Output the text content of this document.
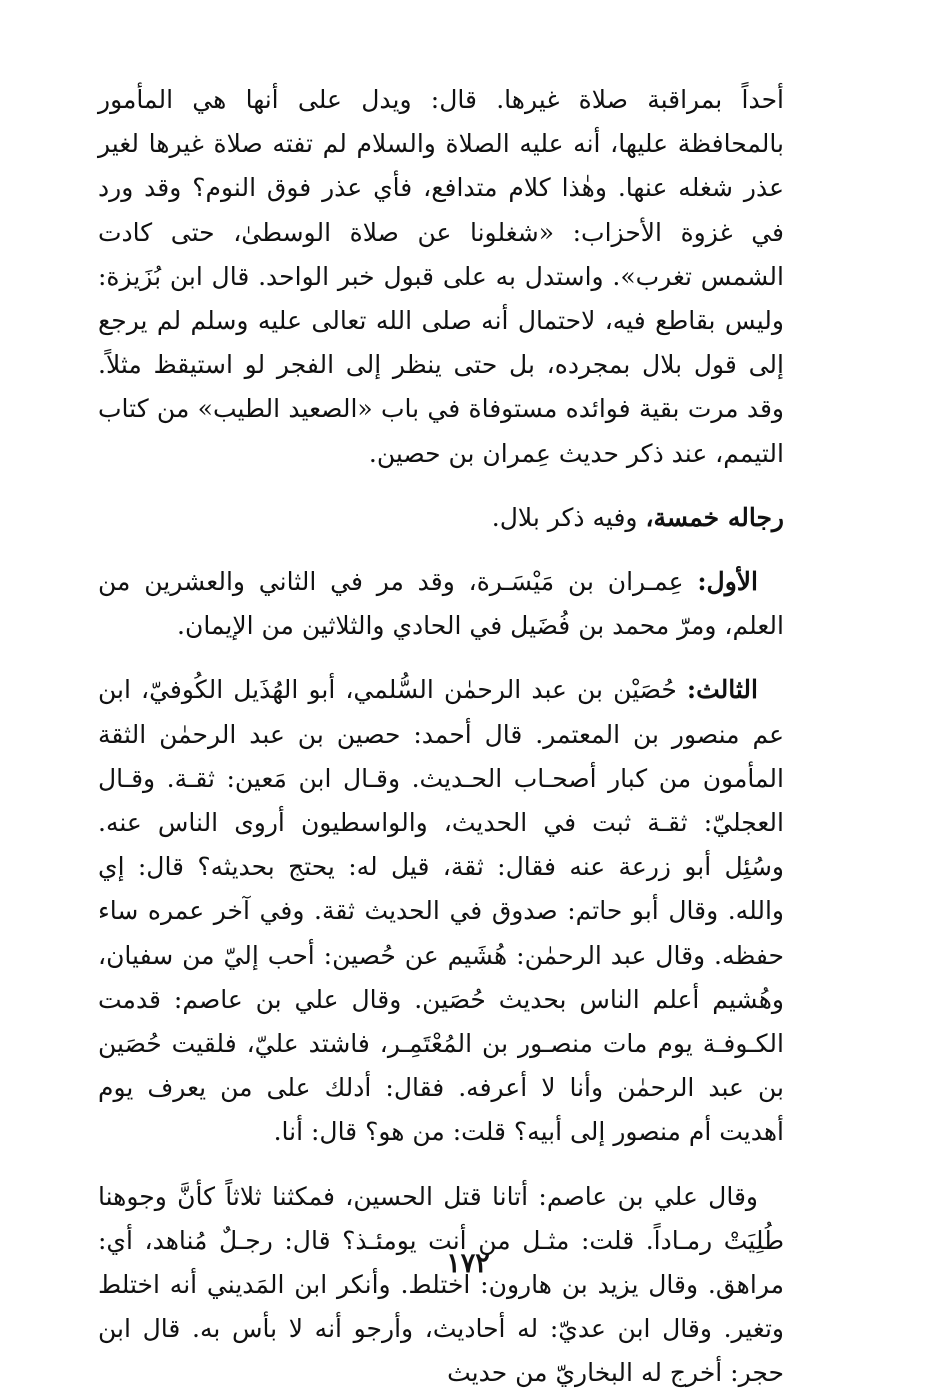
أحداً بمراقبة صلاة غيرها. قال: ويدل على أنها هي المأمور بالمحافظة عليها، أنه عليه الصلاة والسلام لم تفته صلاة غيرها لغير عذر شغله عنها. وهٰذا كلام متدافع، فأي عذر فوق النوم؟ وقد ورد في غزوة الأحزاب: «شغلونا عن صلاة الوسطىٰ، حتى كادت الشمس تغرب». واستدل به على قبول خبر الواحد. قال ابن بُزَيزة: وليس بقاطع فيه، لاحتمال أنه صلى الله تعالى عليه وسلم لم يرجع إلى قول بلال بمجرده، بل حتى ينظر إلى الفجر لو استيقظ مثلاً. وقد مرت بقية فوائده مستوفاة في باب «الصعيد الطيب» من كتاب التيمم، عند ذكر حديث عِمران بن حصين.

رجاله خمسة، وفيه ذكر بلال.

الأول: عِمـران بن مَيْسَـرة، وقد مر في الثاني والعشرين من العلم، ومرّ محمد بن فُضَيل في الحادي والثلاثين من الإيمان.

الثالث: حُصَيْن بن عبد الرحمٰن السُّلمي، أبو الهُذَيل الكُوفيّ، ابن عم منصور بن المعتمر. قال أحمد: حصين بن عبد الرحمٰن الثقة المأمون من كبار أصحـاب الحـديث. وقـال ابن مَعين: ثقـة. وقـال العجليّ: ثقـة ثبت في الحديث، والواسطيون أروى الناس عنه. وسُئِل أبو زرعة عنه فقال: ثقة، قيل له: يحتج بحديثه؟ قال: إي والله. وقال أبو حاتم: صدوق في الحديث ثقة. وفي آخر عمره ساء حفظه. وقال عبد الرحمٰن: هُشَيم عن حُصين: أحب إليّ من سفيان، وهُشيم أعلم الناس بحديث حُصَين. وقال علي بن عاصم: قدمت الكـوفـة يوم مات منصـور بن المُعْتَمِـر، فاشتد عليّ، فلقيت حُصَين بن عبد الرحمٰن وأنا لا أعرفه. فقال: أدلك على من يعرف يوم أهديت أم منصور إلى أبيه؟ قلت: من هو؟ قال: أنا.

وقال علي بن عاصم: أتانا قتل الحسين، فمكثنا ثلاثاً كأنَّ وجوهنا طُلِيَتْ رمـاداً. قلت: مثـل من أنت يومئـذ؟ قال: رجـلٌ مُناهد، أي: مراهق. وقال يزيد بن هارون: اختلط. وأنكر ابن المَديني أنه اختلط وتغير. وقال ابن عديّ: له أحاديث، وأرجو أنه لا بأس به. قال ابن حجر: أخرج له البخاريّ من حديث

١٧٢
